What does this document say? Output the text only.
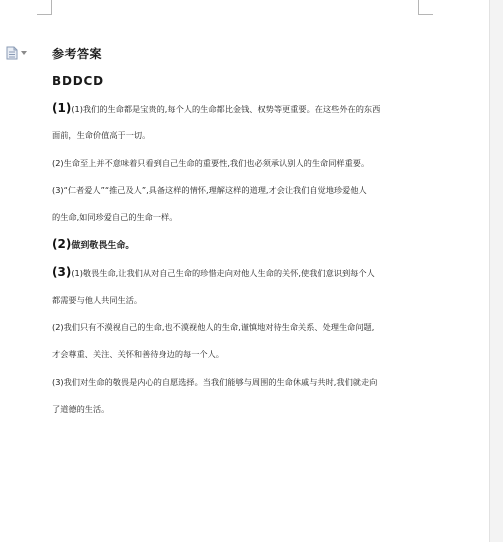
参考答案
BDDCD
(1)(1)我们的生命都是宝贵的,每个人的生命都比金钱、权势等更重要。在这些外在的东西
面前，生命价值高于一切。
(2)生命至上并不意味着只看到自己生命的重要性,我们也必须承认别人的生命同样重要。
(3)“仁者爱人”“推己及人”,具备这样的情怀,理解这样的道理,才会让我们自觉地珍爱他人
的生命,如同珍爱自己的生命一样。
(2)做到敬畏生命。
(3)(1)敬畏生命,让我们从对自己生命的珍惜走向对他人生命的关怀,使我们意识到每个人
都需要与他人共同生活。
(2)我们只有不漠视自己的生命,也不漠视他人的生命,谨慎地对待生命关系、处理生命问题,
才会尊重、关注、关怀和善待身边的每一个人。
(3)我们对生命的敬畏是内心的自愿选择。当我们能够与周围的生命休戚与共时,我们就走向
了道德的生活。
